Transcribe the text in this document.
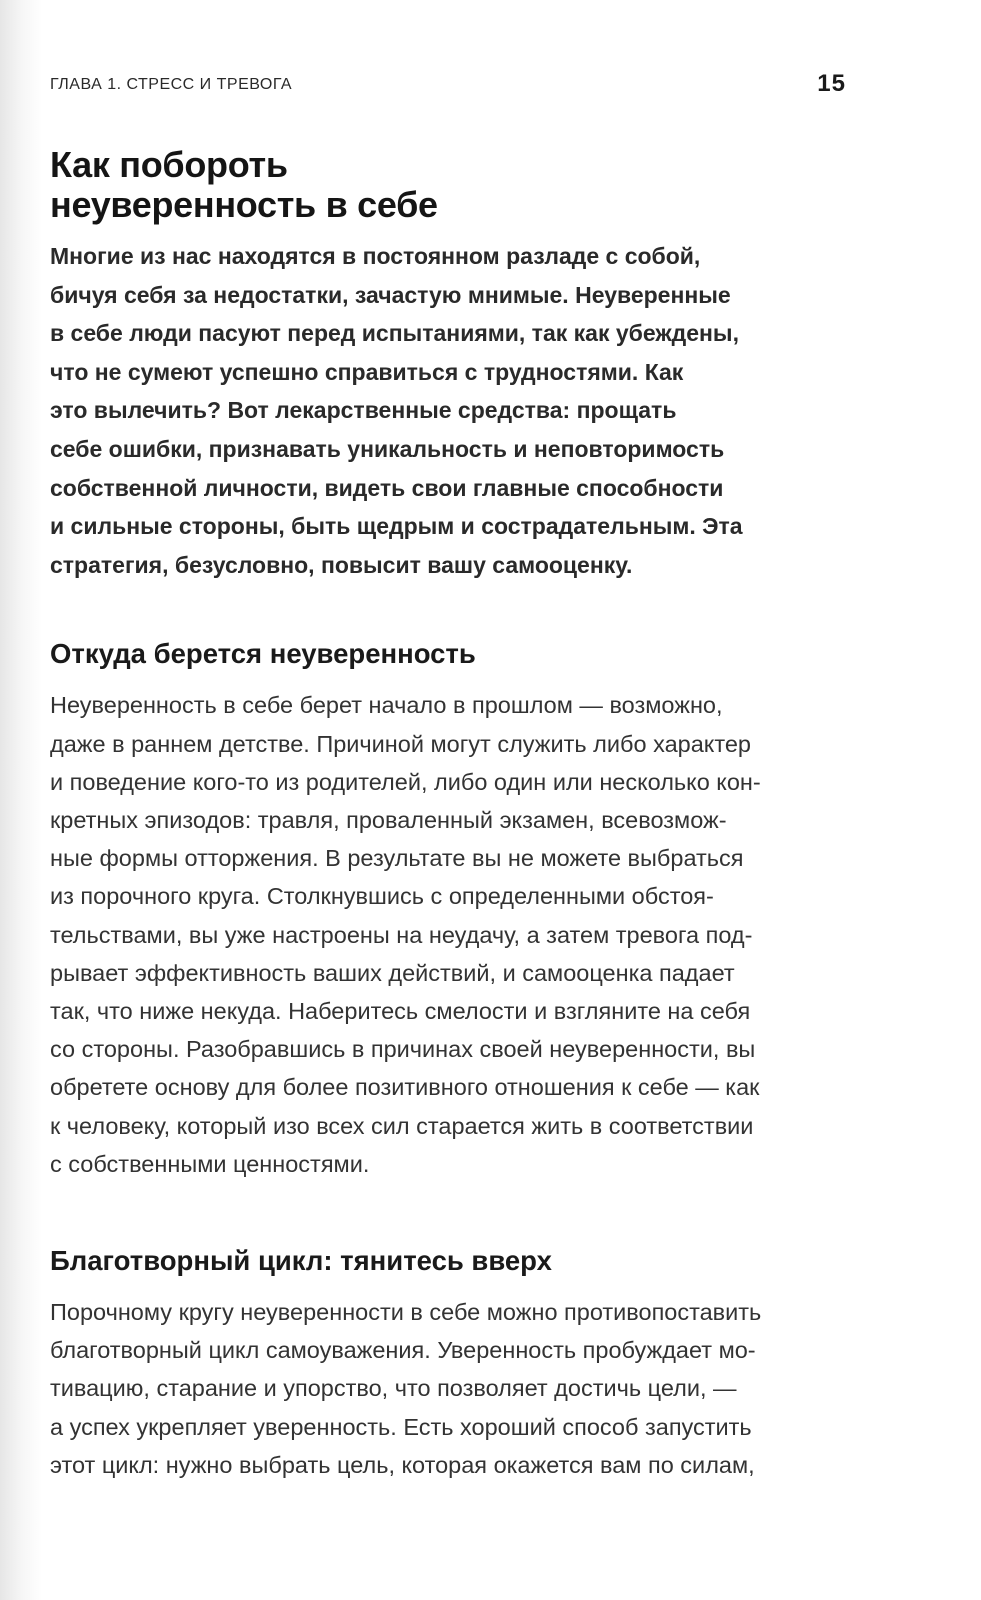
ГЛАВА 1. СТРЕСС И ТРЕВОГА	15
Как побороть
неуверенность в себе

Многие из нас находятся в постоянном разладе с собой,
бичуя себя за недостатки, зачастую мнимые. Неуверенные
в себе люди пасуют перед испытаниями, так как убеждены,
что не сумеют успешно справиться с трудностями. Как
это вылечить? Вот лекарственные средства: прощать
себе ошибки, признавать уникальность и неповторимость
собственной личности, видеть свои главные способности
и сильные стороны, быть щедрым и сострадательным. Эта
стратегия, безусловно, повысит вашу самооценку.

Откуда берется неуверенность

Неуверенность в себе берет начало в прошлом — возможно,
даже в раннем детстве. Причиной могут служить либо характер
и поведение кого-то из родителей, либо один или несколько кон-
кретных эпизодов: травля, проваленный экзамен, всевозмож-
ные формы отторжения. В результате вы не можете выбраться
из порочного круга. Столкнувшись с определенными обстоя-
тельствами, вы уже настроены на неудачу, а затем тревога под-
рывает эффективность ваших действий, и самооценка падает
так, что ниже некуда. Наберитесь смелости и взгляните на себя
со стороны. Разобравшись в причинах своей неуверенности, вы
обретете основу для более позитивного отношения к себе — как
к человеку, который изо всех сил старается жить в соответствии
с собственными ценностями.

Благотворный цикл: тянитесь вверх

Порочному кругу неуверенности в себе можно противопоставить
благотворный цикл самоуважения. Уверенность пробуждает мо-
тивацию, старание и упорство, что позволяет достичь цели, —
а успех укрепляет уверенность. Есть хороший способ запустить
этот цикл: нужно выбрать цель, которая окажется вам по силам,
